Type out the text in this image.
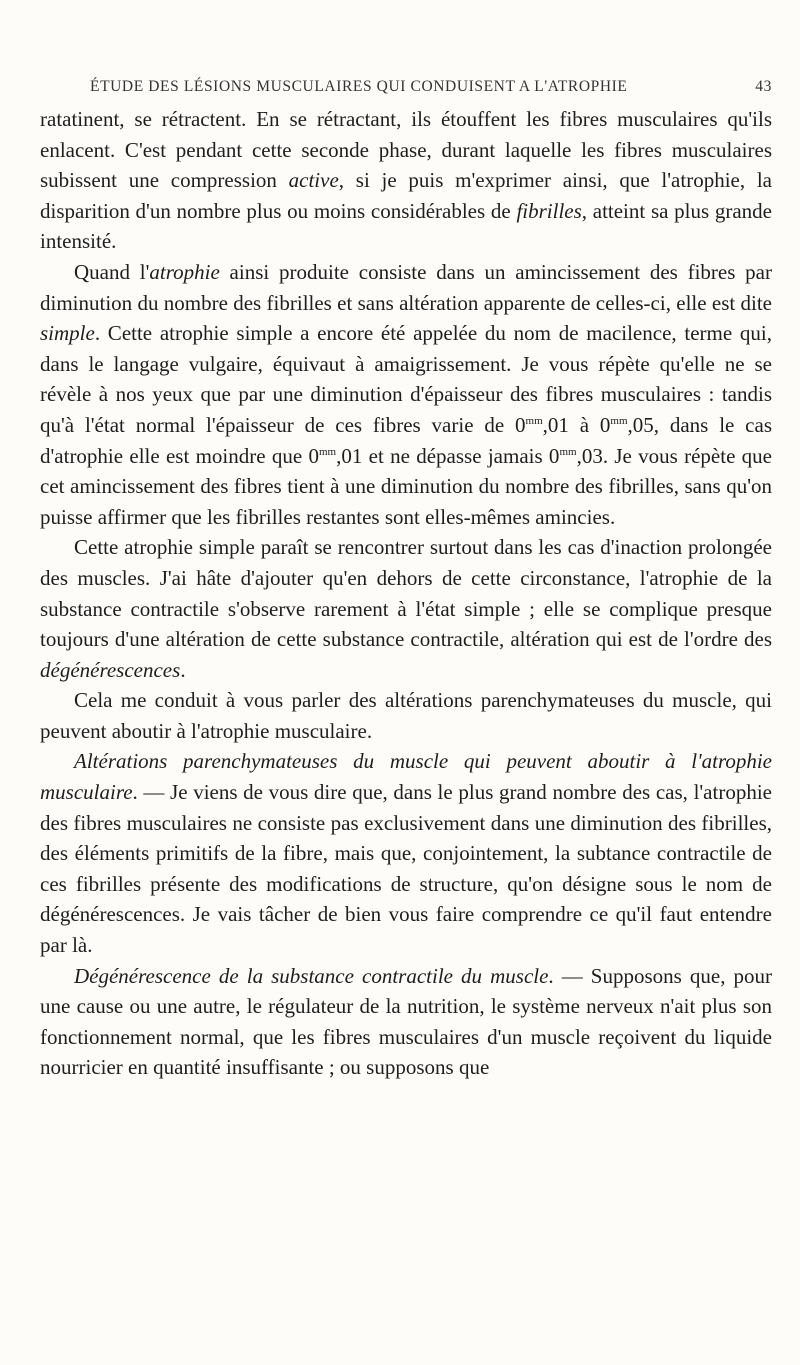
ÉTUDE DES LÉSIONS MUSCULAIRES QUI CONDUISENT A L'ATROPHIE	43

ratatinent, se rétractent. En se rétractant, ils étouffent les fibres musculaires qu'ils enlacent. C'est pendant cette seconde phase, durant laquelle les fibres musculaires subissent une compression active, si je puis m'exprimer ainsi, que l'atrophie, la disparition d'un nombre plus ou moins considérables de fibrilles, atteint sa plus grande intensité.

Quand l'atrophie ainsi produite consiste dans un amincissement des fibres par diminution du nombre des fibrilles et sans altération apparente de celles-ci, elle est dite simple. Cette atrophie simple a encore été appelée du nom de macilence, terme qui, dans le langage vulgaire, équivaut à amaigrissement. Je vous répète qu'elle ne se révèle à nos yeux que par une diminution d'épaisseur des fibres musculaires : tandis qu'à l'état normal l'épaisseur de ces fibres varie de $0^{mm},01$ à $0^{mm},05$, dans le cas d'atrophie elle est moindre que $0^{mm},01$ et ne dépasse jamais $0^{mm},03$. Je vous répète que cet amincissement des fibres tient à une diminution du nombre des fibrilles, sans qu'on puisse affirmer que les fibrilles restantes sont elles-mêmes amincies.

Cette atrophie simple paraît se rencontrer surtout dans les cas d'inaction prolongée des muscles. J'ai hâte d'ajouter qu'en dehors de cette circonstance, l'atrophie de la substance contractile s'observe rarement à l'état simple ; elle se complique presque toujours d'une altération de cette substance contractile, altération qui est de l'ordre des dégénérescences.

Cela me conduit à vous parler des altérations parenchymateuses du muscle, qui peuvent aboutir à l'atrophie musculaire.

Altérations parenchymateuses du muscle qui peuvent aboutir à l'atrophie musculaire. — Je viens de vous dire que, dans le plus grand nombre des cas, l'atrophie des fibres musculaires ne consiste pas exclusivement dans une diminution des fibrilles, des éléments primitifs de la fibre, mais que, conjointement, la subtance contractile de ces fibrilles présente des modifications de structure, qu'on désigne sous le nom de dégénérescences. Je vais tâcher de bien vous faire comprendre ce qu'il faut entendre par là.

Dégénérescence de la substance contractile du muscle. — Supposons que, pour une cause ou une autre, le régulateur de la nutrition, le système nerveux n'ait plus son fonctionnement normal, que les fibres musculaires d'un muscle reçoivent du liquide nourricier en quantité insuffisante ; ou supposons que
